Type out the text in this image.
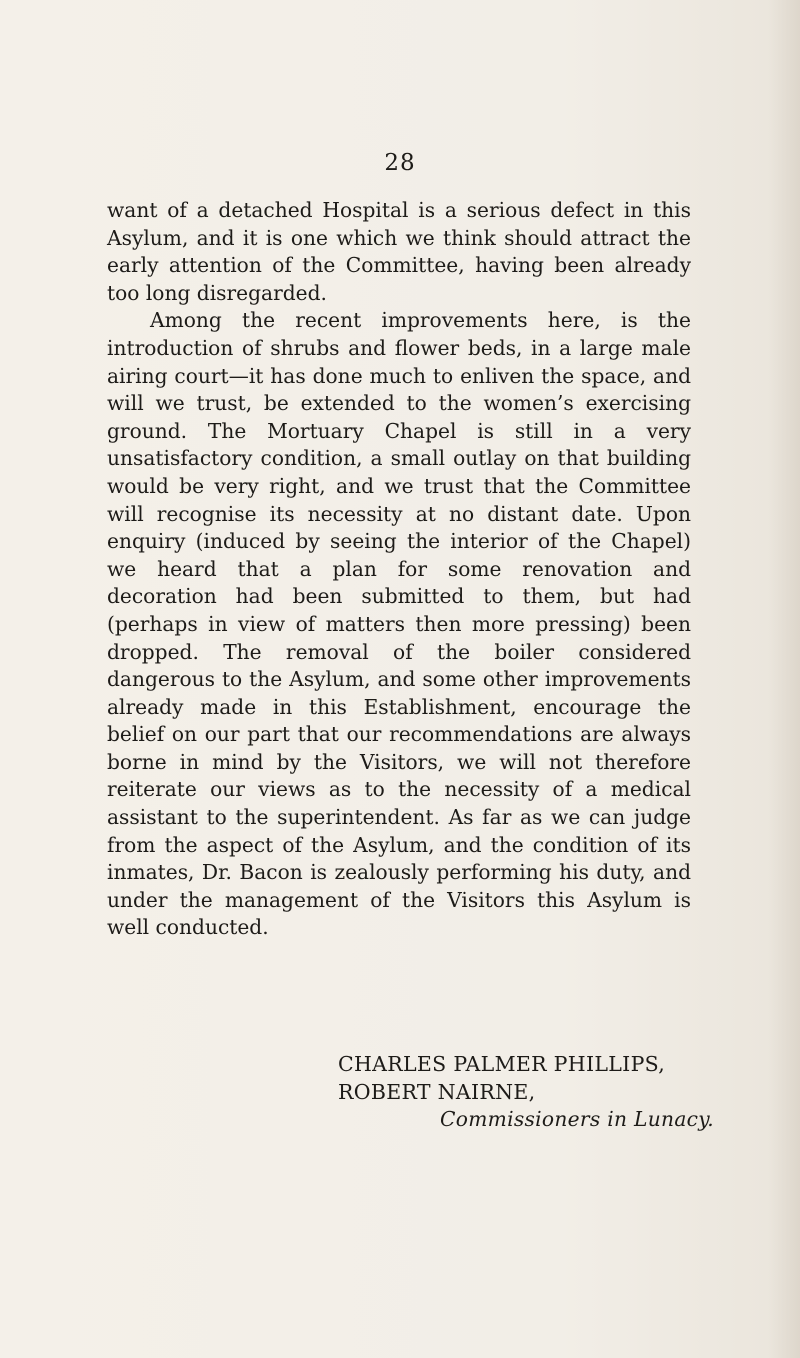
28

want of a detached Hospital is a serious defect in this Asylum, and it is one which we think should attract the early attention of the Committee, having been already too long disregarded.

Among the recent improvements here, is the introduction of shrubs and flower beds, in a large male airing court—it has done much to enliven the space, and will we trust, be extended to the women’s exercising ground. The Mortuary Chapel is still in a very unsatisfactory condition, a small outlay on that building would be very right, and we trust that the Committee will recognise its necessity at no distant date. Upon enquiry (induced by seeing the interior of the Chapel) we heard that a plan for some renovation and decoration had been submitted to them, but had (perhaps in view of matters then more pressing) been dropped. The removal of the boiler considered dangerous to the Asylum, and some other improvements already made in this Establishment, encourage the belief on our part that our recommendations are always borne in mind by the Visitors, we will not therefore reiterate our views as to the necessity of a medical assistant to the superintendent. As far as we can judge from the aspect of the Asylum, and the condition of its inmates, Dr. Bacon is zealously performing his duty, and under the management of the Visitors this Asylum is well conducted.

CHARLES PALMER PHILLIPS,
ROBERT NAIRNE,
Commissioners in Lunacy.
